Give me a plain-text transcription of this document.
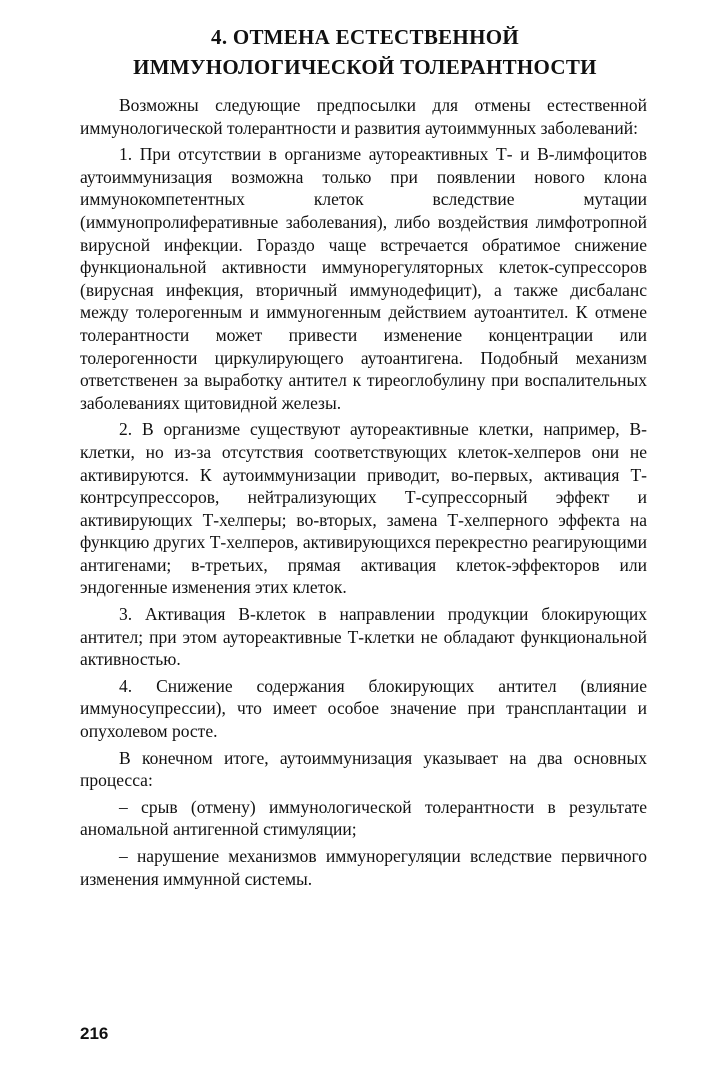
4. ОТМЕНА ЕСТЕСТВЕННОЙ
ИММУНОЛОГИЧЕСКОЙ ТОЛЕРАНТНОСТИ

Возможны следующие предпосылки для отмены естественной иммунологической толерантности и развития аутоиммунных заболеваний:

1. При отсутствии в организме аутореактивных Т- и В-лимфоцитов аутоиммунизация возможна только при появлении нового клона иммунокомпетентных клеток вследствие мутации (иммунопролиферативные заболевания), либо воздействия лимфотропной вирусной инфекции. Гораздо чаще встречается обратимое снижение функциональной активности иммунорегуляторных клеток-супрессоров (вирусная инфекция, вторичный иммунодефицит), а также дисбаланс между толерогенным и иммуногенным действием аутоантител. К отмене толерантности может привести изменение концентрации или толерогенности циркулирующего аутоантигена. Подобный механизм ответственен за выработку антител к тиреоглобулину при воспалительных заболеваниях щитовидной железы.

2. В организме существуют аутореактивные клетки, например, В-клетки, но из-за отсутствия соответствующих клеток-хелперов они не активируются. К аутоиммунизации приводит, во-первых, активация Т-контрсупрессоров, нейтрализующих Т-супрессорный эффект и активирующих Т-хелперы; во-вторых, замена Т-хелперного эффекта на функцию других Т-хелперов, активирующихся перекрестно реагирующими антигенами; в-третьих, прямая активация клеток-эффекторов или эндогенные изменения этих клеток.

3. Активация В-клеток в направлении продукции блокирующих антител; при этом аутореактивные Т-клетки не обладают функциональной активностью.

4. Снижение содержания блокирующих антител (влияние иммуносупрессии), что имеет особое значение при трансплантации и опухолевом росте.

В конечном итоге, аутоиммунизация указывает на два основных процесса:

– срыв (отмену) иммунологической толерантности в результате аномальной антигенной стимуляции;

– нарушение механизмов иммунорегуляции вследствие первичного изменения иммунной системы.

216
